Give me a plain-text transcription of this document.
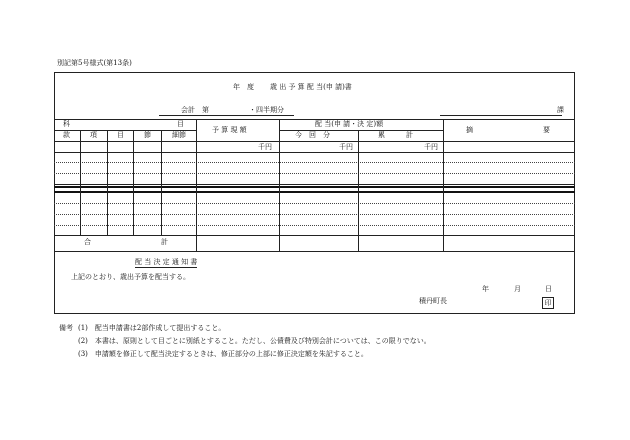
別記第5号様式(第13条)
年　度 歳 出 予 算 配 当(申 請)書
会計　第	・四半期分	課
科	目
款	項	目	節	細節
予 算 現 額
配 当(申 請・決 定)額
今　回　分	累　　　計
摘	要
千円	千円	千円
合	計
配 当 決 定 通 知 書
上記のとおり、歳出予算を配当する。
年	月	日
積丹町長	印
備考 (1)　配当申請書は2部作成して提出すること。
(2)　本書は、原則として目ごとに別紙とすること。ただし、公債費及び特別会計については、この限りでない。
(3)　申請額を修正して配当決定するときは、修正部分の上部に修正決定額を朱記すること。
